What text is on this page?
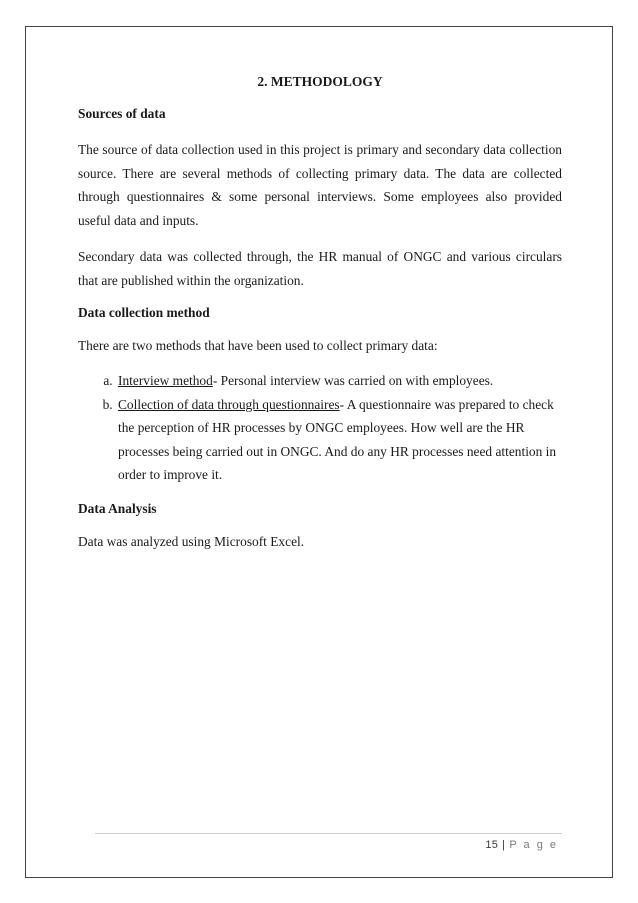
2. METHODOLOGY
Sources of data

The source of data collection used in this project is primary and secondary data collection source. There are several methods of collecting primary data. The data are collected through questionnaires & some personal interviews. Some employees also provided useful data and inputs.

Secondary data was collected through, the HR manual of ONGC and various circulars that are published within the organization.

Data collection method

There are two methods that have been used to collect primary data:

a. Interview method- Personal interview was carried on with employees.
b. Collection of data through questionnaires- A questionnaire was prepared to check the perception of HR processes by ONGC employees. How well are the HR processes being carried out in ONGC. And do any HR processes need attention in order to improve it.
Data Analysis

Data was analyzed using Microsoft Excel.

15 | P a g e
